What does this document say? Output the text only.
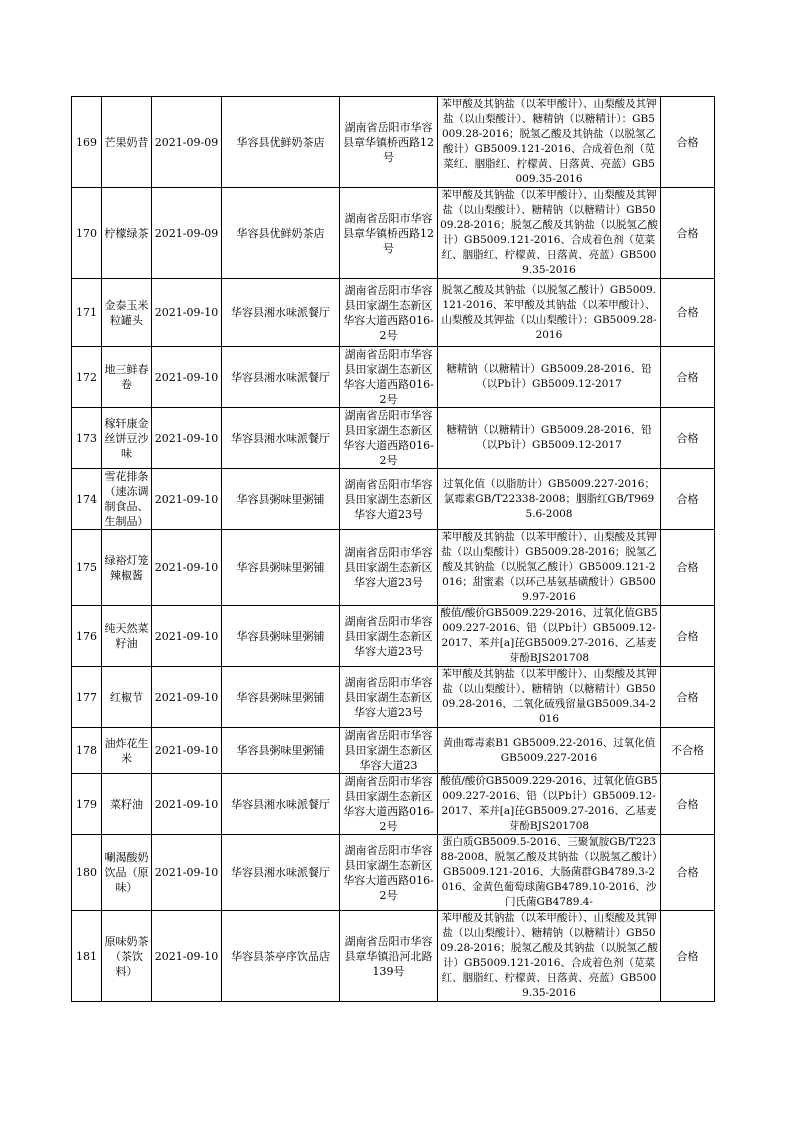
169	芒果奶昔	2021-09-09	华容县优鲜奶茶店	湖南省岳阳市华容县章华镇桥西路12号	苯甲酸及其钠盐（以苯甲酸计）、山梨酸及其钾盐（以山梨酸计）、糖精钠（以糖精计）：GB5009.28-2016；脱氢乙酸及其钠盐（以脱氢乙酸计）GB5009.121-2016、合成着色剂（苋菜红、胭脂红、柠檬黄、日落黄、亮蓝）GB5009.35-2016	合格
170	柠檬绿茶	2021-09-09	华容县优鲜奶茶店	湖南省岳阳市华容县章华镇桥西路12号	苯甲酸及其钠盐（以苯甲酸计）、山梨酸及其钾盐（以山梨酸计）、糖精钠（以糖精计）GB5009.28-2016；脱氢乙酸及其钠盐（以脱氢乙酸计）GB5009.121-2016、合成着色剂（苋菜红、胭脂红、柠檬黄、日落黄、亮蓝）GB5009.35-2016	合格
171	金泰玉米粒罐头	2021-09-10	华容县湘水味派餐厅	湖南省岳阳市华容县田家湖生态新区华容大道西路016-2号	脱氢乙酸及其钠盐（以脱氢乙酸计）GB5009.121-2016、苯甲酸及其钠盐（以苯甲酸计）、山梨酸及其钾盐（以山梨酸计）：GB5009.28-2016	合格
172	地三鲜春卷	2021-09-10	华容县湘水味派餐厅	湖南省岳阳市华容县田家湖生态新区华容大道西路016-2号	糖精钠（以糖精计）GB5009.28-2016、铅（以Pb计）GB5009.12-2017	合格
173	稼轩康金丝饼豆沙味	2021-09-10	华容县湘水味派餐厅	湖南省岳阳市华容县田家湖生态新区华容大道西路016-2号	糖精钠（以糖精计）GB5009.28-2016、铅（以Pb计）GB5009.12-2017	合格
174	雪花排条（速冻调制食品、生制品）	2021-09-10	华容县粥味里粥铺	湖南省岳阳市华容县田家湖生态新区华容大道23号	过氧化值（以脂肪计）GB5009.227-2016；氯霉素GB/T22338-2008；胭脂红GB/T9695.6-2008	合格
175	绿裕灯笼辣椒酱	2021-09-10	华容县粥味里粥铺	湖南省岳阳市华容县田家湖生态新区华容大道23号	苯甲酸及其钠盐（以苯甲酸计）、山梨酸及其钾盐（以山梨酸计）GB5009.28-2016；脱氢乙酸及其钠盐（以脱氢乙酸计）GB5009.121-2016；甜蜜素（以环己基氨基磺酸计）GB5009.97-2016	合格
176	纯天然菜籽油	2021-09-10	华容县粥味里粥铺	湖南省岳阳市华容县田家湖生态新区华容大道23号	酸值/酸价GB5009.229-2016、过氧化值GB5009.227-2016、铅（以Pb计）GB5009.12-2017、苯并[a]芘GB5009.27-2016、乙基麦芽酚BJS201708	合格
177	红椒节	2021-09-10	华容县粥味里粥铺	湖南省岳阳市华容县田家湖生态新区华容大道23号	苯甲酸及其钠盐（以苯甲酸计）、山梨酸及其钾盐（以山梨酸计）、糖精钠（以糖精计）GB5009.28-2016、二氧化硫残留量GB5009.34-2016	合格
178	油炸花生米	2021-09-10	华容县粥味里粥铺	湖南省岳阳市华容县田家湖生态新区华容大道23	黄曲霉毒素B1 GB5009.22-2016、过氧化值GB5009.227-2016	不合格
179	菜籽油	2021-09-10	华容县湘水味派餐厅	湖南省岳阳市华容县田家湖生态新区华容大道西路016-2号	酸值/酸价GB5009.229-2016、过氧化值GB5009.227-2016、铅（以Pb计）GB5009.12-2017、苯并[a]芘GB5009.27-2016、乙基麦芽酚BJS201708	合格
180	唰渴酸奶饮品（原味）	2021-09-10	华容县湘水味派餐厅	湖南省岳阳市华容县田家湖生态新区华容大道西路016-2号	蛋白质GB5009.5-2016、三聚氰胺GB/T22388-2008、脱氢乙酸及其钠盐（以脱氢乙酸计）GB5009.121-2016、大肠菌群GB4789.3-2016、金黄色葡萄球菌GB4789.10-2016、沙门氏菌GB4789.4-	合格
181	原味奶茶（茶饮料）	2021-09-10	华容县茶亭序饮品店	湖南省岳阳市华容县章华镇沿河北路139号	苯甲酸及其钠盐（以苯甲酸计）、山梨酸及其钾盐（以山梨酸计）、糖精钠（以糖精计）GB5009.28-2016；脱氢乙酸及其钠盐（以脱氢乙酸计）GB5009.121-2016、合成着色剂（苋菜红、胭脂红、柠檬黄、日落黄、亮蓝）GB5009.35-2016	合格
